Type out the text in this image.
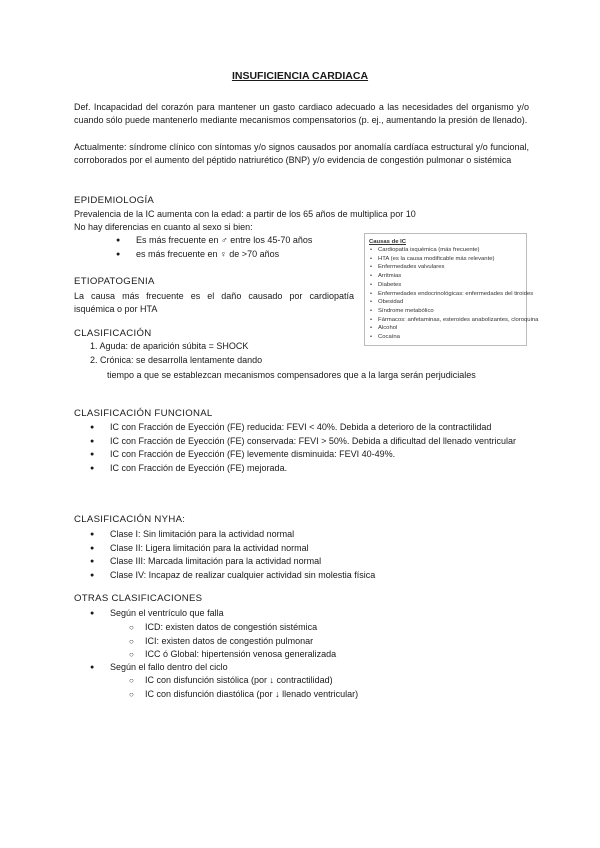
INSUFICIENCIA CARDIACA

Def. Incapacidad del corazón para mantener un gasto cardiaco adecuado a las necesidades del organismo y/o cuando sólo puede mantenerlo mediante mecanismos compensatorios (p. ej., aumentando la presión de llenado).

Actualmente: síndrome clínico con síntomas y/o signos causados por anomalía cardíaca estructural y/o funcional, corroborados por el aumento del péptido natriurético (BNP) y/o evidencia de congestión pulmonar o sistémica

EPIDEMIOLOGÍA
Prevalencia de la IC aumenta con la edad: a partir de los 65 años de multiplica por 10
No hay diferencias en cuanto al sexo si bien:
● Es más frecuente en ♂ entre los 45-70 años
● es más frecuente en ♀ de >70 años
Causas de IC
• Cardiopatía isquémica (más frecuente)
• HTA (es la causa modificable más relevante)
• Enfermedades valvulares
• Arritmias
• Diabetes
• Enfermedades endocrinológicas: enfermedades del tiroides
• Obesidad
• Síndrome metabólico
• Fármacos: anfetaminas, esteroides anabolizantes, cloroquina
• Alcohol
• Cocaína
ETIOPATOGENIA

La causa más frecuente es el daño causado por cardiopatía isquémica o por HTA

CLASIFICACIÓN
1. Aguda: de aparición súbita = SHOCK
2. Crónica: se desarrolla lentamente dando

tiempo a que se establezcan mecanismos compensadores que a la larga serán perjudiciales

CLASIFICACIÓN FUNCIONAL
● IC con Fracción de Eyección (FE) reducida: FEVI < 40%. Debida a deterioro de la contractilidad
● IC con Fracción de Eyección (FE) conservada: FEVI > 50%. Debida a dificultad del llenado ventricular
● IC con Fracción de Eyección (FE) levemente disminuida: FEVI 40-49%.
● IC con Fracción de Eyección (FE) mejorada.
CLASIFICACIÓN NYHA:
● Clase I: Sin limitación para la actividad normal
● Clase II: Ligera limitación para la actividad normal
● Clase III: Marcada limitación para la actividad normal
● Clase IV: Incapaz de realizar cualquier actividad sin molestia física
OTRAS CLASIFICACIONES
● Según el ventrículo que falla
○ ICD: existen datos de congestión sistémica
○ ICI: existen datos de congestión pulmonar
○ ICC ó Global: hipertensión venosa generalizada
● Según el fallo dentro del ciclo
○ IC con disfunción sistólica (por ↓ contractilidad)
○ IC con disfunción diastólica (por ↓ llenado ventricular)
